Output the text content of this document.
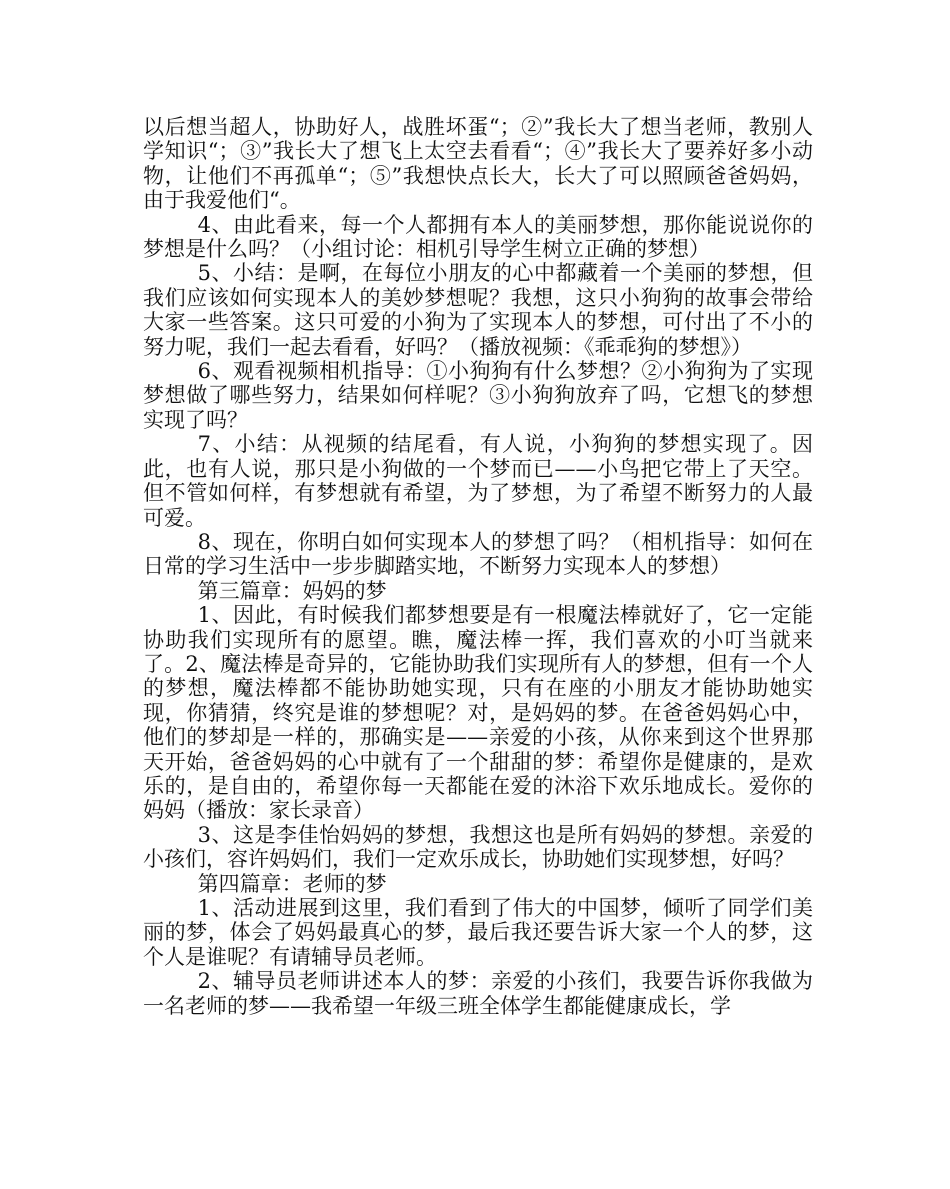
以后想当超人，协助好人，战胜坏蛋“；②”我长大了想当老师，教别人学知识“；③”我长大了想飞上太空去看看“；④”我长大了要养好多小动物，让他们不再孤单“；⑤”我想快点长大，长大了可以照顾爸爸妈妈，由于我爱他们“。

4、由此看来，每一个人都拥有本人的美丽梦想，那你能说说你的梦想是什么吗？（小组讨论：相机引导学生树立正确的梦想）

5、小结：是啊，在每位小朋友的心中都藏着一个美丽的梦想，但我们应该如何实现本人的美妙梦想呢？我想，这只小狗狗的故事会带给大家一些答案。这只可爱的小狗为了实现本人的梦想，可付出了不小的努力呢，我们一起去看看，好吗？（播放视频：《乖乖狗的梦想》）

6、观看视频相机指导：①小狗狗有什么梦想？②小狗狗为了实现梦想做了哪些努力，结果如何样呢？③小狗狗放弃了吗，它想飞的梦想实现了吗？

7、小结：从视频的结尾看，有人说，小狗狗的梦想实现了。因此，也有人说，那只是小狗做的一个梦而已——小鸟把它带上了天空。但不管如何样，有梦想就有希望，为了梦想，为了希望不断努力的人最可爱。

8、现在，你明白如何实现本人的梦想了吗？（相机指导：如何在日常的学习生活中一步步脚踏实地，不断努力实现本人的梦想）

第三篇章：妈妈的梦

1、因此，有时候我们都梦想要是有一根魔法棒就好了，它一定能协助我们实现所有的愿望。瞧，魔法棒一挥，我们喜欢的小叮当就来了。2、魔法棒是奇异的，它能协助我们实现所有人的梦想，但有一个人的梦想，魔法棒都不能协助她实现，只有在座的小朋友才能协助她实现，你猜猜，终究是谁的梦想呢？对，是妈妈的梦。在爸爸妈妈心中，他们的梦却是一样的，那确实是——亲爱的小孩，从你来到这个世界那天开始，爸爸妈妈的心中就有了一个甜甜的梦：希望你是健康的，是欢乐的，是自由的，希望你每一天都能在爱的沐浴下欢乐地成长。爱你的妈妈（播放：家长录音）

3、这是李佳怡妈妈的梦想，我想这也是所有妈妈的梦想。亲爱的小孩们，容许妈妈们，我们一定欢乐成长，协助她们实现梦想，好吗？

第四篇章：老师的梦

1、活动进展到这里，我们看到了伟大的中国梦，倾听了同学们美丽的梦，体会了妈妈最真心的梦，最后我还要告诉大家一个人的梦，这个人是谁呢？有请辅导员老师。

2、辅导员老师讲述本人的梦：亲爱的小孩们，我要告诉你我做为一名老师的梦——我希望一年级三班全体学生都能健康成长，学
